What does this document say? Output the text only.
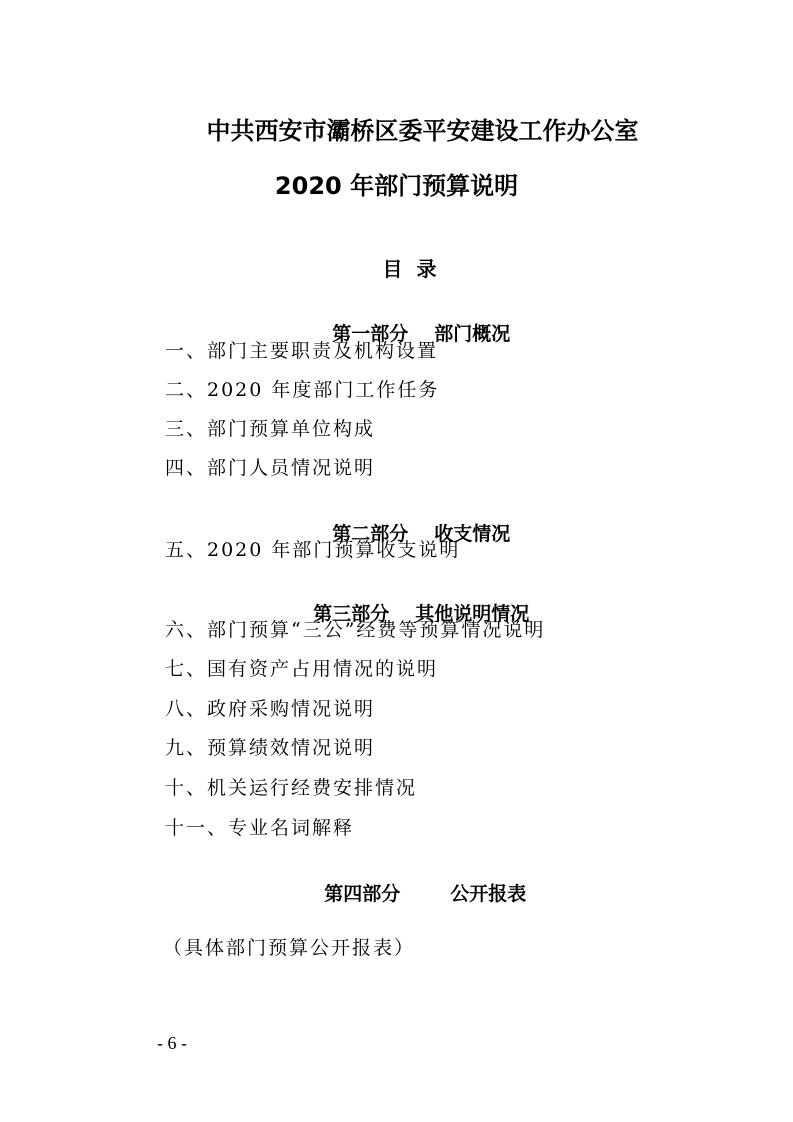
中共西安市灞桥区委平安建设工作办公室
2020 年部门预算说明
目录

第一部分 部门概况

一、部门主要职责及机构设置
二、2020 年度部门工作任务
三、部门预算单位构成
四、部门人员情况说明

第二部分 收支情况

五、2020 年部门预算收支说明

第三部分 其他说明情况

六、部门预算“三公”经费等预算情况说明
七、国有资产占用情况的说明
八、政府采购情况说明
九、预算绩效情况说明
十、机关运行经费安排情况
十一、专业名词解释

第四部分	公开报表

（具体部门预算公开报表）
- 6 -
